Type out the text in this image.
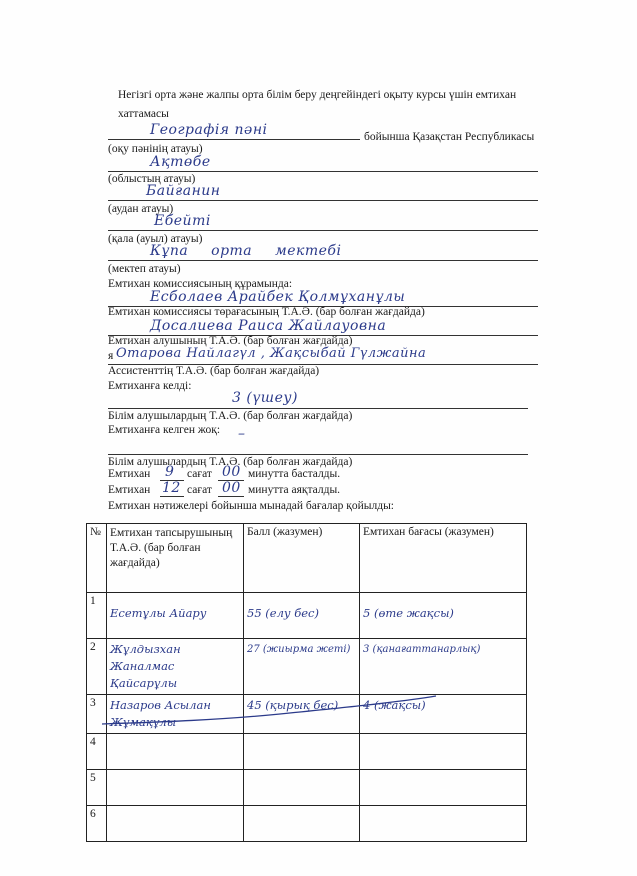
Негізгі орта және жалпы орта білім беру деңгейіндегі оқыту курсы үшін емтихан
хаттамасы
Географія пәні	бойынша Қазақстан Республикасы
(оқу пәнінің атауы)
Ақтөбе
(облыстың атауы)
Байғанин
(аудан атауы)
Ебейті
(қала (ауыл) атауы)
Кұпа орта мектебі
(мектеп атауы)
Емтихан комиссиясының құрамында:
Есболаев Арайбек Қолмұханұлы
Емтихан комиссиясы төрағасының Т.А.Ә. (бар болған жағдайда)
Досалиева Раиса Жайлауовна
Емтихан алушының Т.А.Ә. (бар болған жағдайда)
я Отарова Найлагүл , Жақсыбай Гүлжайна
Ассистенттің Т.А.Ә. (бар болған жағдайда)
Емтиханға келді:
3 (үшеу)
Білім алушылардың Т.А.Ә. (бар болған жағдайда)
Емтиханға келген жоқ: –
Білім алушылардың Т.А.Ә. (бар болған жағдайда)
Емтихан 9 сағат 00 минутта басталды.
Емтихан 12 сағат 00 минутта аяқталды.
Емтихан нәтижелері бойынша мынадай бағалар қойылды:
№	Емтихан тапсырушының Т.А.Ә. (бар болған жағдайда)	Балл (жазумен)	Емтихан бағасы (жазумен)
1	Есетұлы Айару	55 (елу бес)	5 (өте жақсы)
2	Жұлдызхан Жаналмас Қайсарұлы	27 (жиырма жеті)	3 (қанағаттанарлық)
3	Назаров Асылан Жұмақұлы	45 (қырық бес)	4 (жақсы)
4			
5			
6			
